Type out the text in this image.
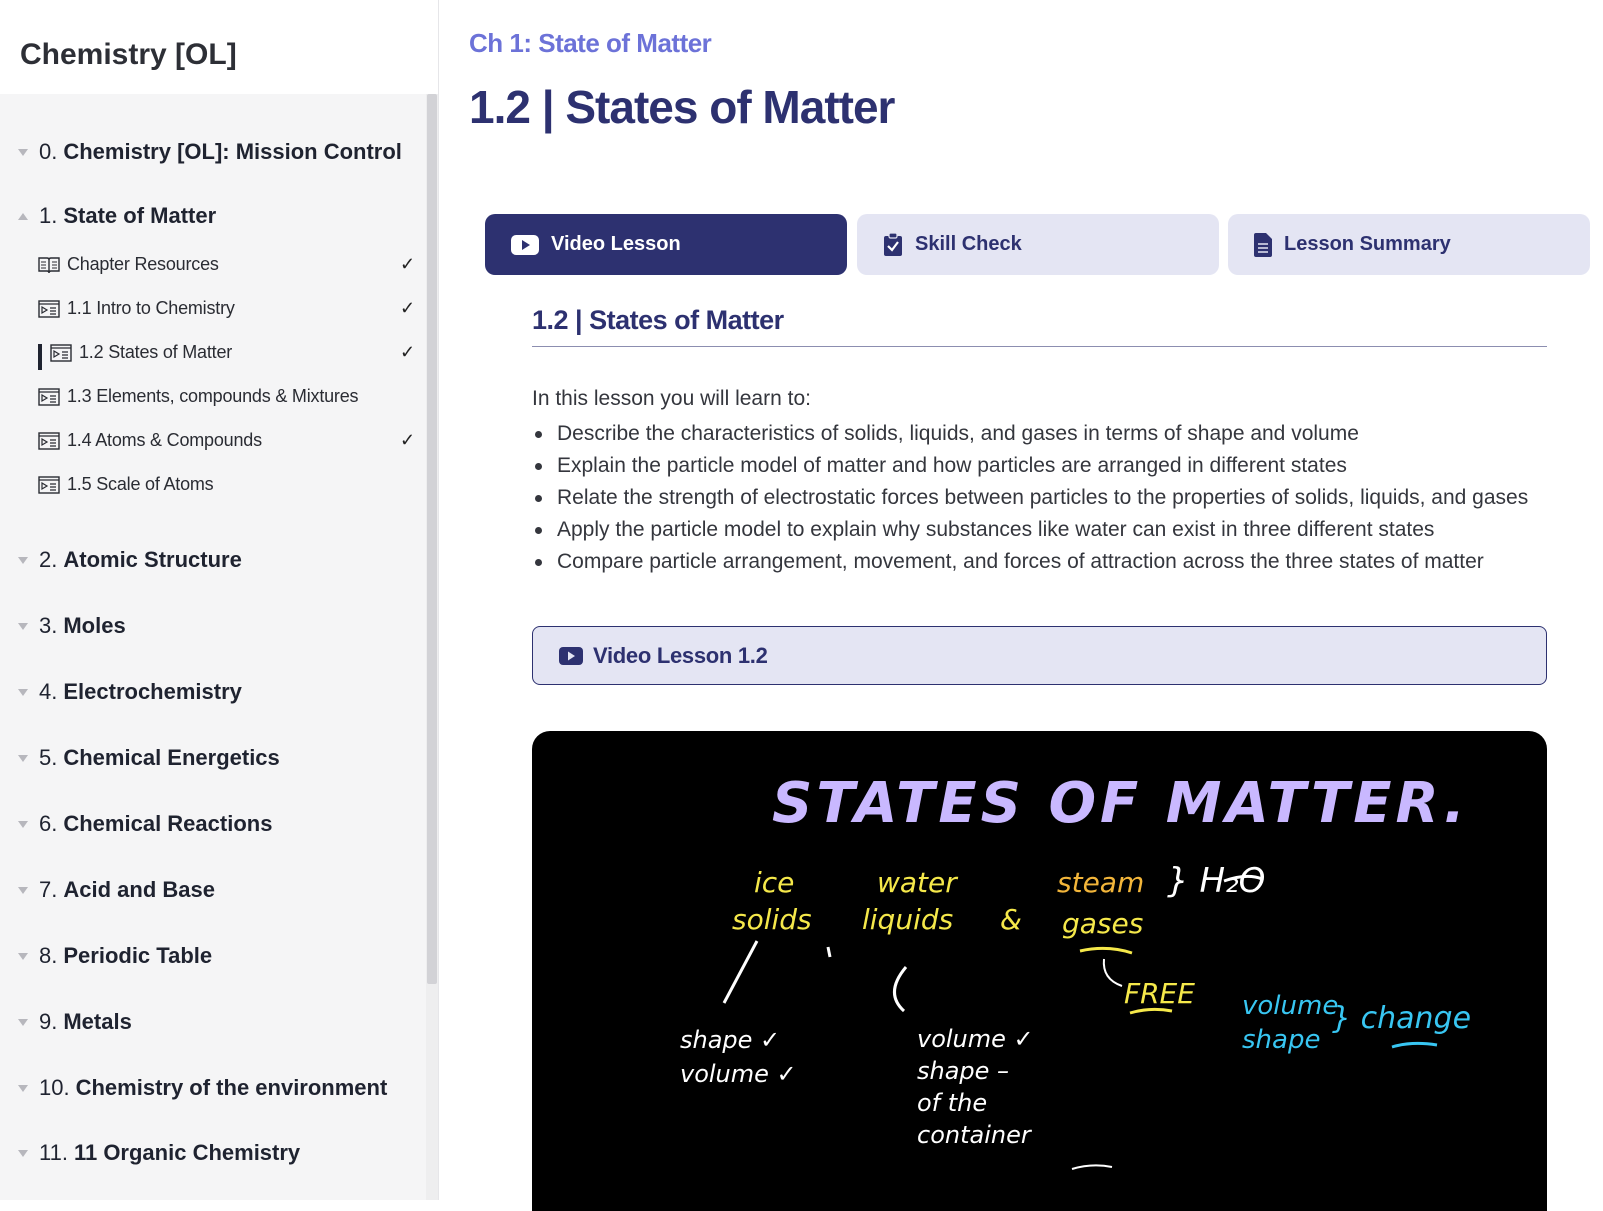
Chemistry [OL]
0. Chemistry [OL]: Mission Control
1. State of Matter
Chapter Resources	✓
1.1 Intro to Chemistry	✓
1.2 States of Matter	✓
1.3 Elements, compounds & Mixtures
1.4 Atoms & Compounds	✓
1.5 Scale of Atoms
2. Atomic Structure
3. Moles
4. Electrochemistry
5. Chemical Energetics
6. Chemical Reactions
7. Acid and Base
8. Periodic Table
9. Metals
10. Chemistry of the environment
11. 11 Organic Chemistry
Ch 1: State of Matter
1.2 | States of Matter
Video Lesson	Skill Check	Lesson Summary
1.2 | States of Matter
In this lesson you will learn to:
Describe the characteristics of solids, liquids, and gases in terms of shape and volume
Explain the particle model of matter and how particles are arranged in different states
Relate the strength of electrostatic forces between particles to the properties of solids, liquids, and gases
Apply the particle model to explain why substances like water can exist in three different states
Compare particle arrangement, movement, and forces of attraction across the three states of matter
Video Lesson 1.2
STATES OF MATTER.
ice	water	steam } H₂O
solids liquids & gases
FREE
shape ✓
volume ✓
volume ✓
shape –
of the
container
volume
shape
} change
